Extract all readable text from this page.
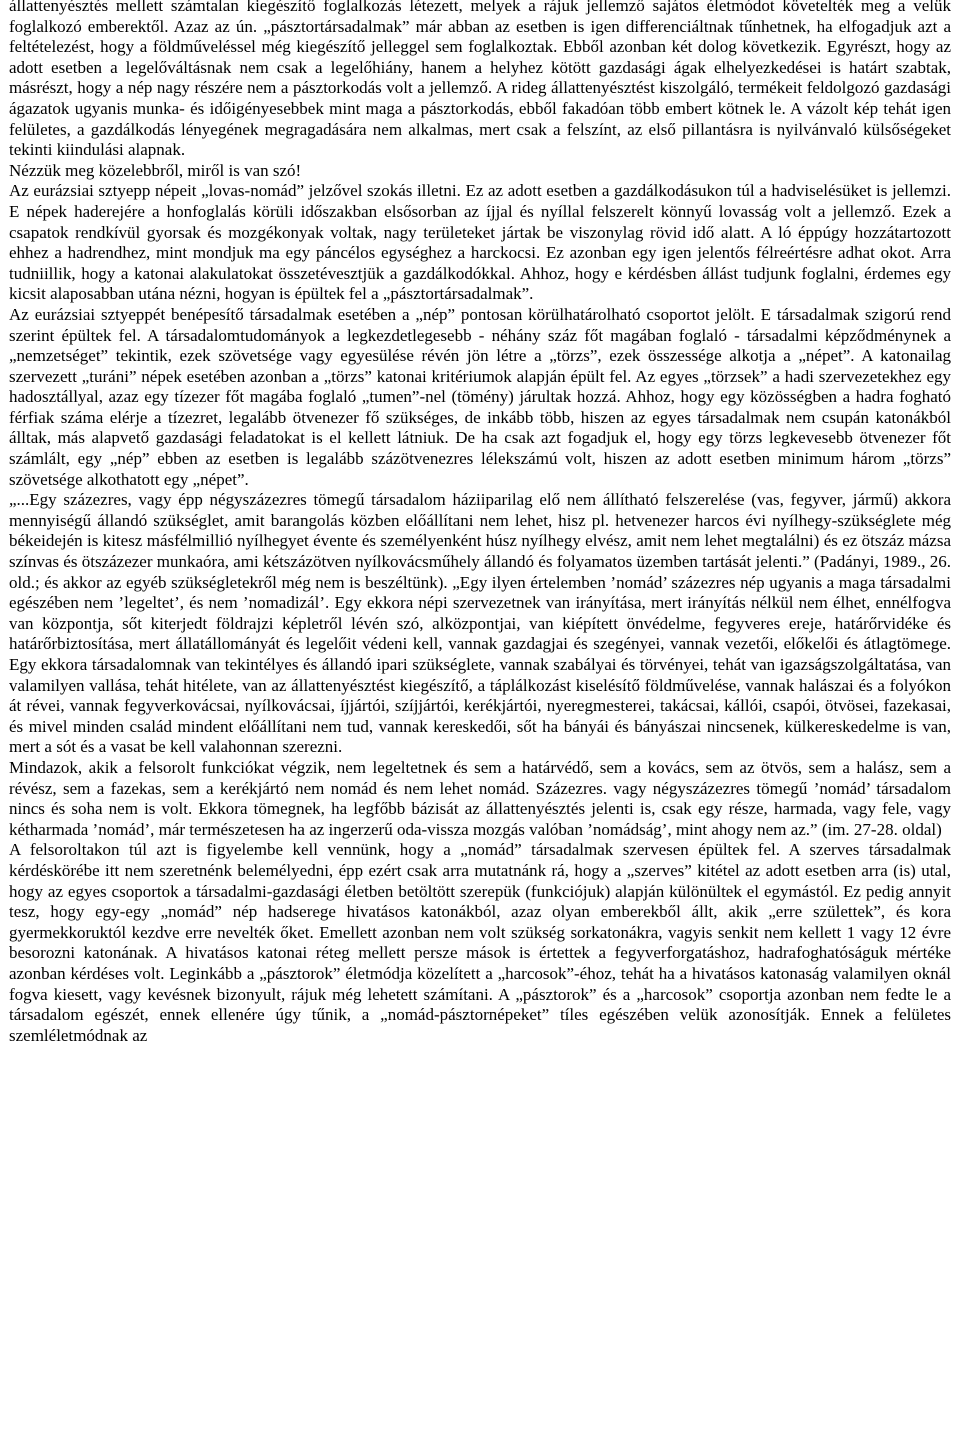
állattenyésztés mellett számtalan kiegészítő foglalkozás létezett, melyek a rájuk jellemző sajátos életmódot követelték meg a velük foglalkozó emberektől. Azaz az ún. „pásztortársadalmak” már abban az esetben is igen differenciáltnak tűnhetnek, ha elfogadjuk azt a feltételezést, hogy a földműveléssel még kiegészítő jelleggel sem foglalkoztak. Ebből azonban két dolog következik. Egyrészt, hogy az adott esetben a legelőváltásnak nem csak a legelőhiány, hanem a helyhez kötött gazdasági ágak elhelyezkedései is határt szabtak, másrészt, hogy a nép nagy részére nem a pásztorkodás volt a jellemző. A rideg állattenyésztést kiszolgáló, termékeit feldolgozó gazdasági ágazatok ugyanis munka- és időigényesebbek mint maga a pásztorkodás, ebből fakadóan több embert kötnek le. A vázolt kép tehát igen felületes, a gazdálkodás lényegének megragadására nem alkalmas, mert csak a felszínt, az első pillantásra is nyilvánvaló külsőségeket tekinti kiindulási alapnak.

Nézzük meg közelebbről, miről is van szó!

Az eurázsiai sztyepp népeit „lovas-nomád” jelzővel szokás illetni. Ez az adott esetben a gazdálkodásukon túl a hadviselésüket is jellemzi. E népek haderejére a honfoglalás körüli időszakban elsősorban az íjjal és nyíllal felszerelt könnyű lovasság volt a jellemző. Ezek a csapatok rendkívül gyorsak és mozgékonyak voltak, nagy területeket jártak be viszonylag rövid idő alatt. A ló éppúgy hozzátartozott ehhez a hadrendhez, mint mondjuk ma egy páncélos egységhez a harckocsi. Ez azonban egy igen jelentős félreértésre adhat okot. Arra tudniillik, hogy a katonai alakulatokat összetévesztjük a gazdálkodókkal. Ahhoz, hogy e kérdésben állást tudjunk foglalni, érdemes egy kicsit alaposabban utána nézni, hogyan is épültek fel a „pásztortársadalmak”.

Az eurázsiai sztyeppét benépesítő társadalmak esetében a „nép” pontosan körülhatárolható csoportot jelölt. E társadalmak szigorú rend szerint épültek fel. A társadalomtudományok a legkezdetlegesebb - néhány száz főt magában foglaló - társadalmi képződménynek a „nemzetséget” tekintik, ezek szövetsége vagy egyesülése révén jön létre a „törzs”, ezek összessége alkotja a „népet”. A katonailag szervezett „turáni” népek esetében azonban a „törzs” katonai kritériumok alapján épült fel. Az egyes „törzsek” a hadi szervezetekhez egy hadosztállyal, azaz egy tízezer főt magába foglaló „tumen”-nel (tömény) járultak hozzá. Ahhoz, hogy egy közösségben a hadra fogható férfiak száma elérje a tízezret, legalább ötvenezer fő szükséges, de inkább több, hiszen az egyes társadalmak nem csupán katonákból álltak, más alapvető gazdasági feladatokat is el kellett látniuk. De ha csak azt fogadjuk el, hogy egy törzs legkevesebb ötvenezer főt számlált, egy „nép” ebben az esetben is legalább százötvenezres lélekszámú volt, hiszen az adott esetben minimum három „törzs” szövetsége alkothatott egy „népet”.

„...Egy százezres, vagy épp négyszázezres tömegű társadalom háziiparilag elő nem állítható felszerelése (vas, fegyver, jármű) akkora mennyiségű állandó szükséglet, amit barangolás közben előállítani nem lehet, hisz pl. hetvenezer harcos évi nyílhegy-szükséglete még békeidején is kitesz másfélmillió nyílhegyet évente és személyenként húsz nyílhegy elvész, amit nem lehet megtalálni) és ez ötszáz mázsa színvas és ötszázezer munkaóra, ami kétszázötven nyílkovácsműhely állandó és folyamatos üzemben tartását jelenti.” (Padányi, 1989., 26. old.; és akkor az egyéb szükségletekről még nem is beszéltünk). „Egy ilyen értelemben ’nomád’ százezres nép ugyanis a maga társadalmi egészében nem ’legeltet’, és nem ’nomadizál’. Egy ekkora népi szervezetnek van irányítása, mert irányítás nélkül nem élhet, ennélfogva van központja, sőt kiterjedt földrajzi képletről lévén szó, alközpontjai, van kiépített önvédelme, fegyveres ereje, határőrvidéke és határőrbiztosítása, mert állatállományát és legelőit védeni kell, vannak gazdagjai és szegényei, vannak vezetői, előkelői és átlagtömege. Egy ekkora társadalomnak van tekintélyes és állandó ipari szükséglete, vannak szabályai és törvényei, tehát van igazságszolgáltatása, van valamilyen vallása, tehát hitélete, van az állattenyésztést kiegészítő, a táplálkozást kiselésítő földművelése, vannak halászai és a folyókon át révei, vannak fegyverkovácsai, nyílkovácsai, íjjártói, szíjjártói, kerékjártói, nyeregmesterei, takácsai, kállói, csapói, ötvösei, fazekasai, és mivel minden család mindent előállítani nem tud, vannak kereskedői, sőt ha bányái és bányászai nincsenek, külkereskedelme is van, mert a sót és a vasat be kell valahonnan szerezni.

Mindazok, akik a felsorolt funkciókat végzik, nem legeltetnek és sem a határvédő, sem a kovács, sem az ötvös, sem a halász, sem a révész, sem a fazekas, sem a kerékjártó nem nomád és nem lehet nomád. Százezres. vagy négyszázezres tömegű ’nomád’ társadalom nincs és soha nem is volt. Ekkora tömegnek, ha legfőbb bázisát az állattenyésztés jelenti is, csak egy része, harmada, vagy fele, vagy kétharmada ’nomád’, már természetesen ha az ingerzerű oda-vissza mozgás valóban ’nomádság’, mint ahogy nem az.” (im. 27-28. oldal)

A felsoroltakon túl azt is figyelembe kell vennünk, hogy a „nomád” társadalmak szervesen épültek fel. A szerves társadalmak kérdéskörébe itt nem szeretnénk belemélyedni, épp ezért csak arra mutatnánk rá, hogy a „szerves” kitétel az adott esetben arra (is) utal, hogy az egyes csoportok a társadalmi-gazdasági életben betöltött szerepük (funkciójuk) alapján különültek el egymástól. Ez pedig annyit tesz, hogy egy-egy „nomád” nép hadserege hivatásos katonákból, azaz olyan emberekből állt, akik „erre születtek”, és kora gyermekkoruktól kezdve erre nevelték őket. Emellett azonban nem volt szükség sorkatonákra, vagyis senkit nem kellett 1 vagy 12 évre besorozni katonának. A hivatásos katonai réteg mellett persze mások is értettek a fegyverforgatáshoz, hadrafoghatóságuk mértéke azonban kérdéses volt. Leginkább a „pásztorok” életmódja közelített a „harcosok”-éhoz, tehát ha a hivatásos katonaság valamilyen oknál fogva kiesett, vagy kevésnek bizonyult, rájuk még lehetett számítani. A „pásztorok” és a „harcosok” csoportja azonban nem fedte le a társadalom egészét, ennek ellenére úgy tűnik, a „nomád-pásztornépeket” tíles egészében velük azonosítják. Ennek a felületes szemléletmódnak az
